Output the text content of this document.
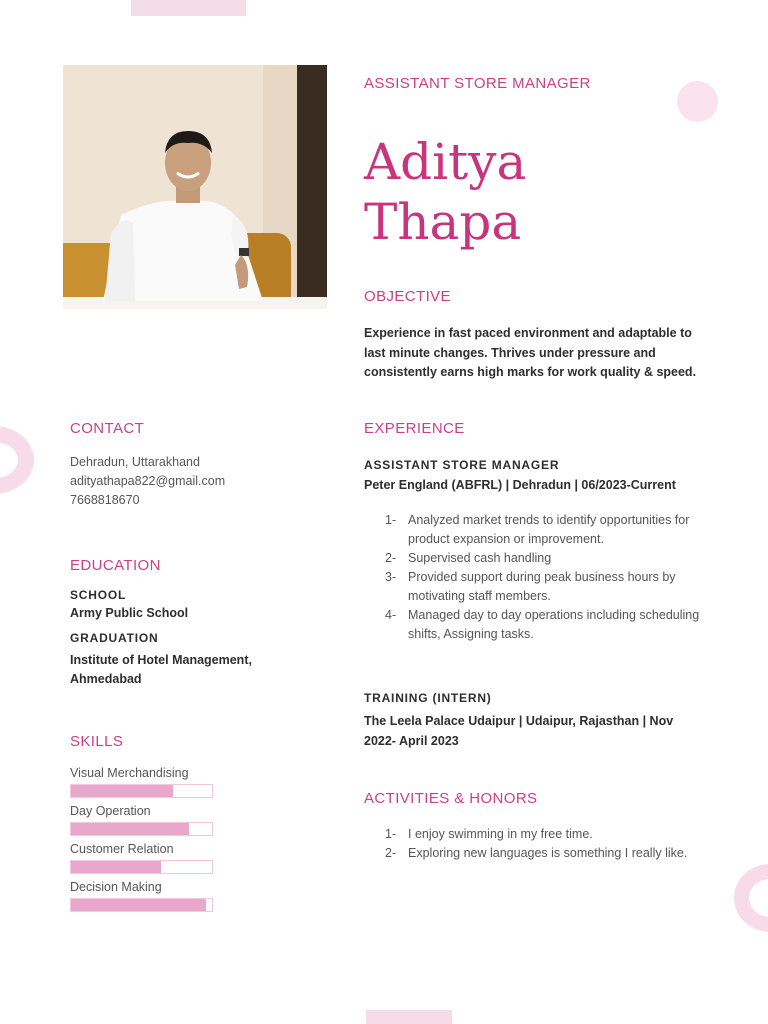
ASSISTANT STORE MANAGER
Aditya
Thapa
OBJECTIVE

Experience in fast paced environment and adaptable to last minute changes. Thrives under pressure and consistently earns high marks for work quality & speed.

EXPERIENCE
ASSISTANT STORE MANAGER
Peter England (ABFRL) | Dehradun | 06/2023-Current
1- Analyzed market trends to identify opportunities for product expansion or improvement.
2- Supervised cash handling
3- Provided support during peak business hours by motivating staff members.
4- Managed day to day operations including scheduling shifts, Assigning tasks.
TRAINING (INTERN)
The Leela Palace Udaipur | Udaipur, Rajasthan | Nov 2022- April 2023
ACTIVITIES & HONORS
1- I enjoy swimming in my free time.
2- Exploring new languages is something I really like.
CONTACT
Dehradun, Uttarakhand
adityathapa822@gmail.com
7668818670
EDUCATION
SCHOOL
Army Public School
GRADUATION
Institute of Hotel Management, Ahmedabad
SKILLS
Visual Merchandising
Day Operation
Customer Relation
Decision Making
